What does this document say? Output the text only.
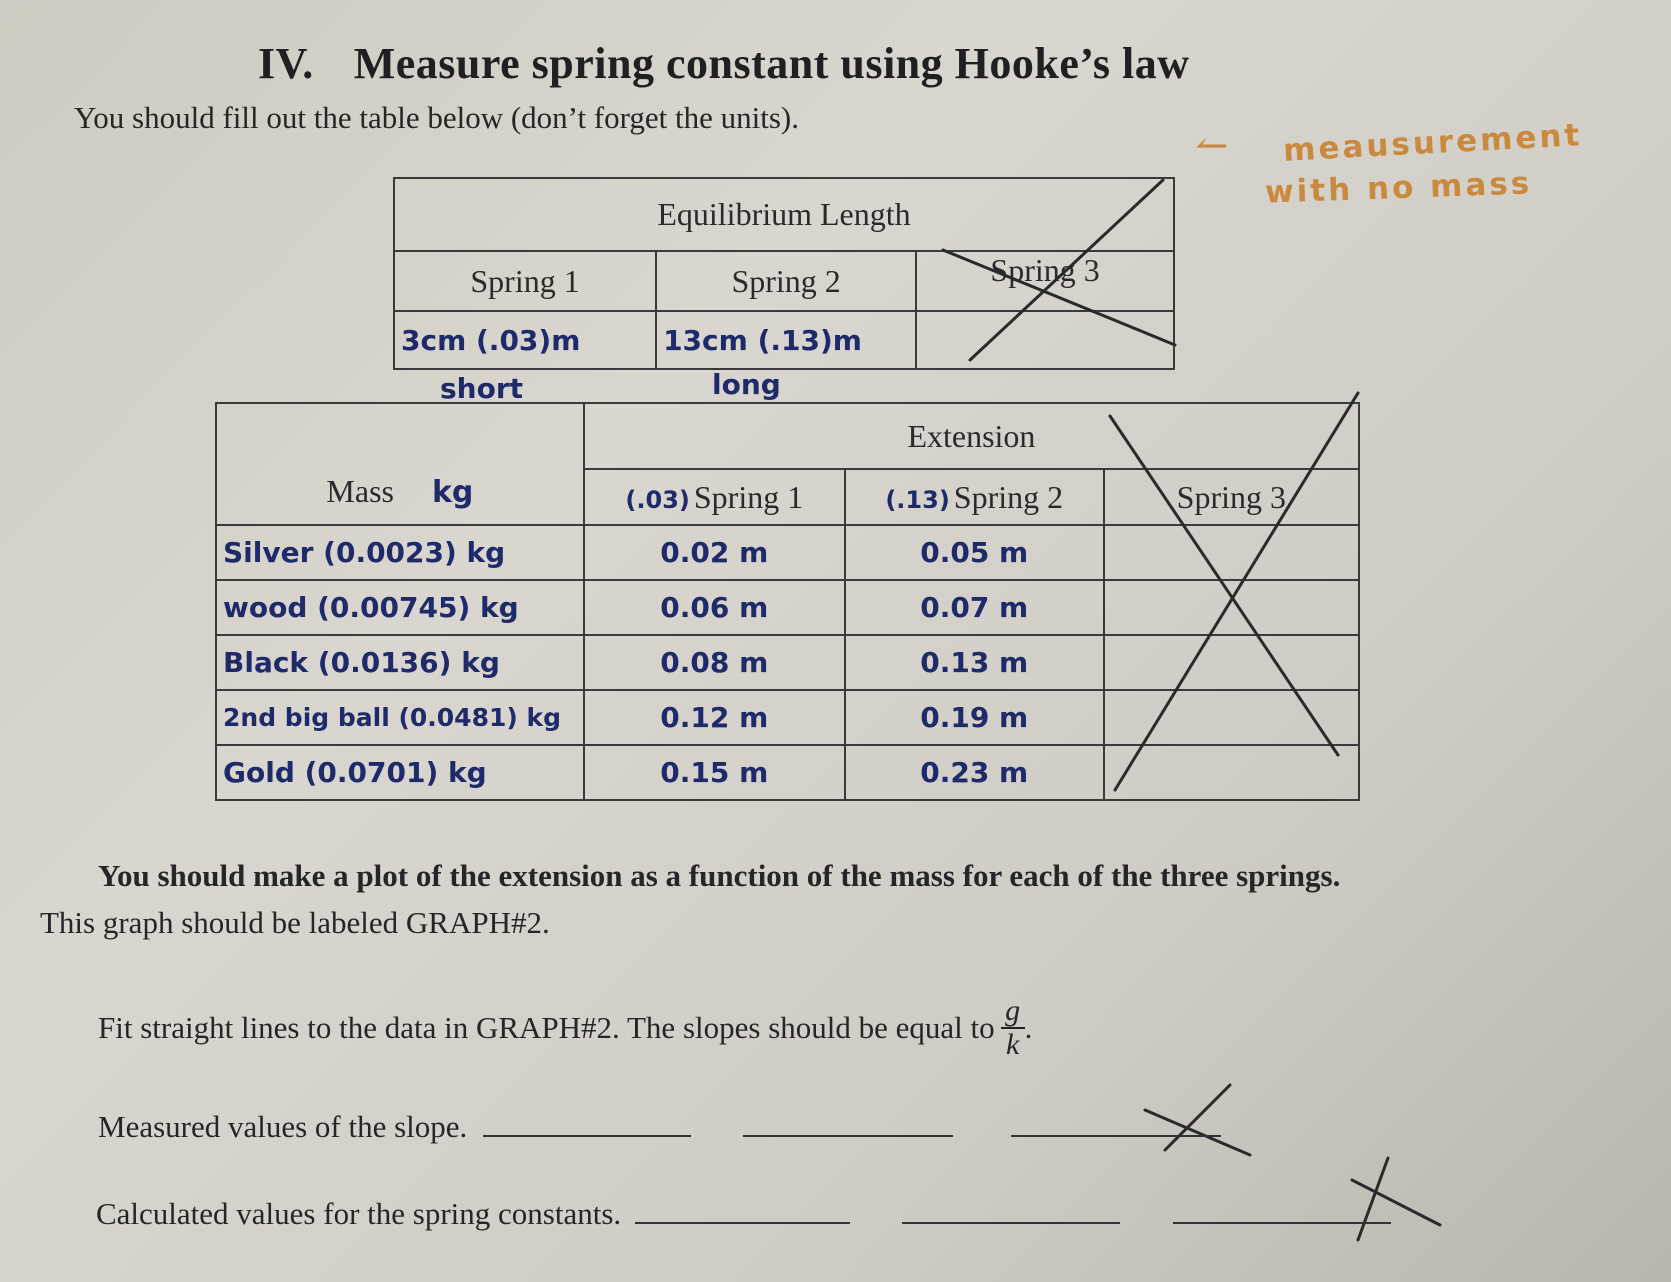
IV. Measure spring constant using Hooke’s law
You should fill out the table below (don’t forget the units).
↼ meausurement
with no mass
Equilibrium Length		
Spring 1	Spring 2	Spring 3
3cm (.03)m	13cm (.13)m	
short	long
Mass kg	Extension		
	(.03) Spring 1	(.13) Spring 2	Spring 3
Silver (0.0023) kg	0.02 m	0.05 m	
wood (0.00745) kg	0.06 m	0.07 m	
Black (0.0136) kg	0.08 m	0.13 m	
2nd big ball (0.0481) kg	0.12 m	0.19 m	
Gold (0.0701) kg	0.15 m	0.23 m	
You should make a plot of the extension as a function of the mass for each of the three springs.
This graph should be labeled GRAPH#2.
Fit straight lines to the data in GRAPH#2. The slopes should be equal to $\frac{g}{k}$ .
Measured values of the slope.
Calculated values for the spring constants.
